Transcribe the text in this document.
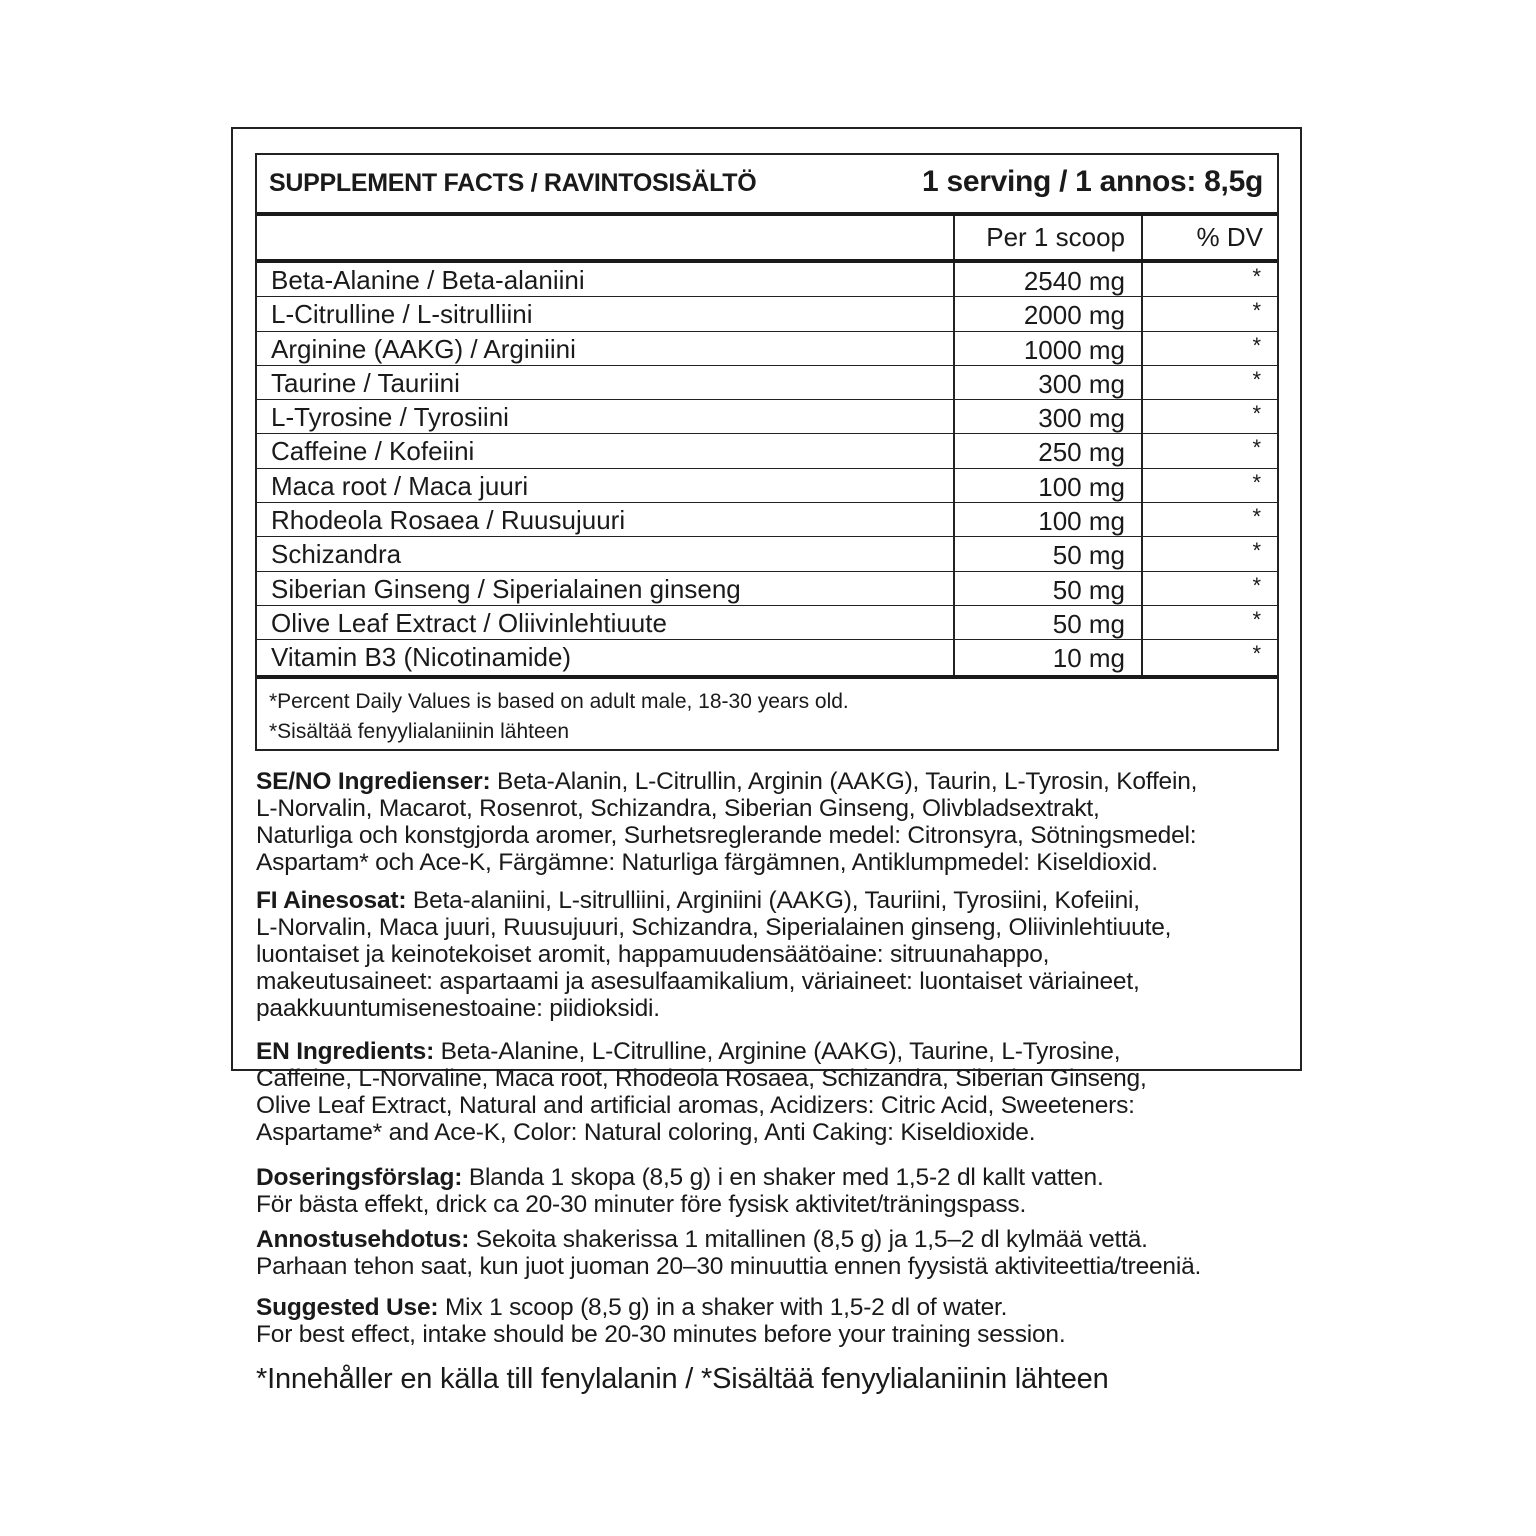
SUPPLEMENT FACTS / RAVINTOSISÄLTÖ	1 serving / 1 annos: 8,5g
Per 1 scoop	% DV
Beta-Alanine / Beta-alaniini	2540 mg	*
L-Citrulline / L-sitrulliini	2000 mg	*
Arginine (AAKG) / Arginiini	1000 mg	*
Taurine / Tauriini	300 mg	*
L-Tyrosine / Tyrosiini	300 mg	*
Caffeine / Kofeiini	250 mg	*
Maca root / Maca juuri	100 mg	*
Rhodeola Rosaea / Ruusujuuri	100 mg	*
Schizandra	50 mg	*
Siberian Ginseng / Siperialainen ginseng	50 mg	*
Olive Leaf Extract / Oliivinlehtiuute	50 mg	*
Vitamin B3 (Nicotinamide)	10 mg	*
*Percent Daily Values is based on adult male, 18-30 years old.
*Sisältää fenyylialaniinin lähteen
SE/NO Ingredienser: Beta-Alanin, L-Citrullin, Arginin (AAKG), Taurin, L-Tyrosin, Koffein,
L-Norvalin, Macarot, Rosenrot, Schizandra, Siberian Ginseng, Olivbladsextrakt,
Naturliga och konstgjorda aromer, Surhetsreglerande medel: Citronsyra, Sötningsmedel:
Aspartam* och Ace-K, Färgämne: Naturliga färgämnen, Antiklumpmedel: Kiseldioxid.
FI Ainesosat: Beta-alaniini, L-sitrulliini, Arginiini (AAKG), Tauriini, Tyrosiini, Kofeiini,
L-Norvalin, Maca juuri, Ruusujuuri, Schizandra, Siperialainen ginseng, Oliivinlehtiuute,
luontaiset ja keinotekoiset aromit, happamuudensäätöaine: sitruunahappo,
makeutusaineet: aspartaami ja asesulfaamikalium, väriaineet: luontaiset väriaineet,
paakkuuntumisenestoaine: piidioksidi.
EN Ingredients: Beta-Alanine, L-Citrulline, Arginine (AAKG), Taurine, L-Tyrosine,
Caffeine, L-Norvaline, Maca root, Rhodeola Rosaea, Schizandra, Siberian Ginseng,
Olive Leaf Extract, Natural and artificial aromas, Acidizers: Citric Acid, Sweeteners:
Aspartame* and Ace-K, Color: Natural coloring, Anti Caking: Kiseldioxide.
Doseringsförslag: Blanda 1 skopa (8,5 g) i en shaker med 1,5-2 dl kallt vatten.
För bästa effekt, drick ca 20-30 minuter före fysisk aktivitet/träningspass.
Annostusehdotus: Sekoita shakerissa 1 mitallinen (8,5 g) ja 1,5–2 dl kylmää vettä.
Parhaan tehon saat, kun juot juoman 20–30 minuuttia ennen fyysistä aktiviteettia/treeniä.
Suggested Use: Mix 1 scoop (8,5 g) in a shaker with 1,5-2 dl of water.
For best effect, intake should be 20-30 minutes before your training session.
*Innehåller en källa till fenylalanin / *Sisältää fenyylialaniinin lähteen
